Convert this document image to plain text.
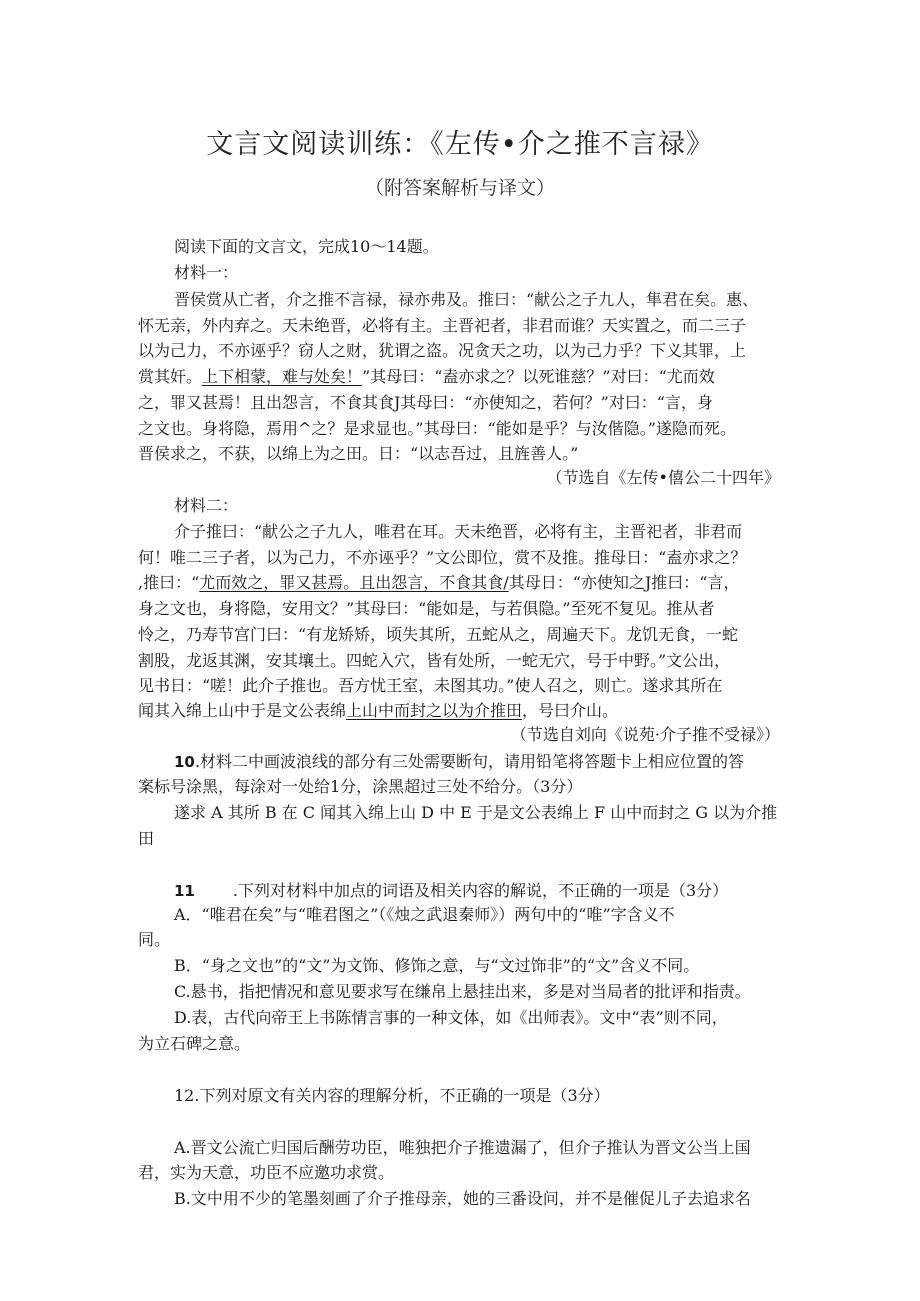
文言文阅读训练：《左传•介之推不言禄》
（附答案解析与译文）
阅读下面的文言文，完成10〜14题。
材料一：
晋侯赏从亡者，介之推不言禄，禄亦弗及。推曰：“献公之子九人，隼君在矣。惠、
怀无亲，外内弃之。天未绝晋，必将有主。主晋祀者，非君而谁？天实置之，而二三子
以为己力，不亦诬乎？窃人之财，犹谓之盗。况贪天之功，以为己力乎？下义其罪，上
赏其奸。上下相蒙，难与处矣！”其母曰：“盍亦求之？以死谁慈？”对曰：“尤而效
之，罪又甚焉！且出怨言，不食其食J其母曰：“亦使知之，若何？”对曰：“言，身
之文也。身将隐，焉用^之？是求显也。”其母曰：“能如是乎？与汝偕隐。”遂隐而死。
晋侯求之，不获，以绵上为之田。日：“以志吾过，且旌善人。”
（节选自《左传•僖公二十四年》
材料二：
介子推曰：“献公之子九人，唯君在耳。天未绝晋，必将有主，主晋祀者，非君而
何！唯二三子者，以为己力，不亦诬乎？”文公即位，赏不及推。推母日：“盍亦求之？
,推曰：“尤而效之，罪又甚焉。且出怨言，不食其食/其母日：“亦使知之J推曰：“言，
身之文也，身将隐，安用文？”其母曰：“能如是，与若俱隐。”至死不复见。推从者
怜之，乃寿节宫门曰：“有龙矫矫，顷失其所，五蛇从之，周遍天下。龙饥无食，一蛇
割股，龙返其渊，安其壤土。四蛇入穴，皆有处所，一蛇无穴，号于中野。”文公出，
见书日：“嗟！此介子推也。吾方忧王室，未图其功。”使人召之，则亡。遂求其所在
闻其入绵上山中于是文公表绵上山中而封之以为介推田，号曰介山。
（节选自刘向《说苑·介子推不受禄》）
10.材料二中画波浪线的部分有三处需要断句，请用铅笔将答题卡上相应位置的答
案标号涂黑，每涂对一处给1分，涂黑超过三处不给分。（3分）
遂求 A 其所 B 在 C 闻其入绵上山 D 中 E 于是文公表绵上 F 山中而封之 G 以为介推
田
11 .下列对材料中加点的词语及相关内容的解说，不正确的一项是（3分）
A．“唯君在矣”与“唯君图之”（《烛之武退秦师》）两句中的“唯”字含义不
同。
B．“身之文也”的“文”为文饰、修饰之意，与“文过饰非”的“文”含义不同。
C.悬书，指把情况和意见要求写在缣帛上悬挂出来，多是对当局者的批评和指责。
D.表，古代向帝王上书陈情言事的一种文体，如《出师表》。文中“表”则不同，
为立石碑之意。
12.下列对原文有关内容的理解分析，不正确的一项是（3分）
A.晋文公流亡归国后酬劳功臣，唯独把介子推遗漏了，但介子推认为晋文公当上国
君，实为天意，功臣不应邀功求赏。
B.文中用不少的笔墨刻画了介子推母亲，她的三番设问，并不是催促儿子去追求名
